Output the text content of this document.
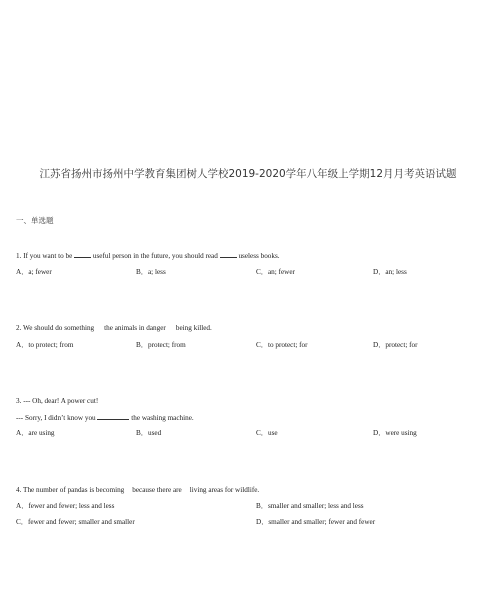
江苏省扬州市扬州中学教育集团树人学校2019-2020学年八年级上学期12月月考英语试题
一、单选题
1. If you want to be  useful person in the future, you should read  useless books.
A．a; fewer	B．a; less	C．an; fewer	D．an; less
2. We should do something the animals in danger being killed.
A．to protect; from	B．protect; from	C．to protect; for	D．protect; for
3. --- Oh, dear! A power cut!
--- Sorry, I didn’t know you	the washing machine.
A．are using	B．used	C．use	D．were using
4. The number of pandas is becoming because there are living areas for wildlife.
A．fewer and fewer; less and less	B．smaller and smaller; less and less
C．fewer and fewer; smaller and smaller	D．smaller and smaller; fewer and fewer
